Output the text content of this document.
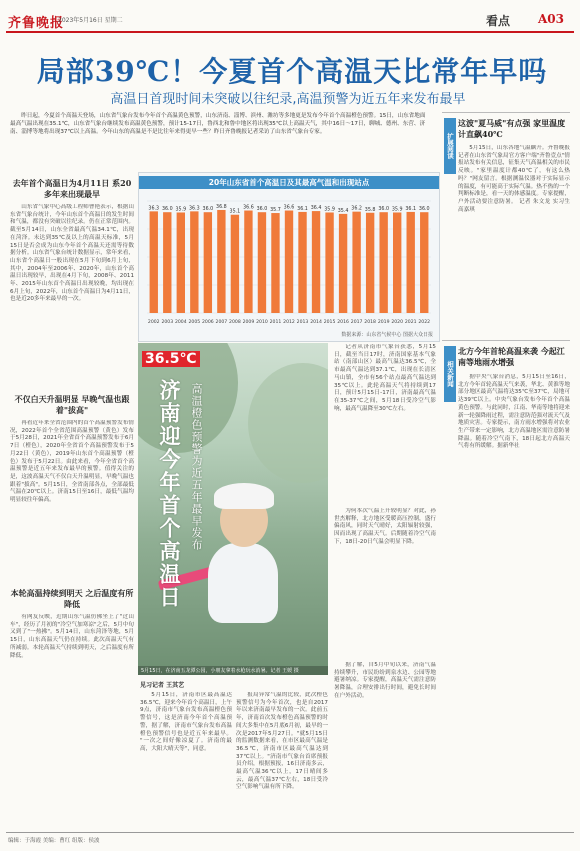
齐鲁晚报
2023年5月16日 星期二	看点 A03
局部39℃！今夏首个高温天比常年早吗
高温日首现时间未突破以往纪录,高温预警为近五年来发布最早
昨日起，今夏首个高温天登场，山东省气象台发布今年首个高温黄色预警，山东济南、淄博、滨州、潍坊等多地更是发布今年首个高温橙色预警。15日，山东省地面最高气温出现在35.1℃，山东省气象台继续发布高温黄色预警，预计15-17日，鲁西北和鲁中地区将出现35℃以上高温天气，其中16日～17日，聊城、德州、东营、济南、淄博等地将出现37℃以上高温。今年山东的高温是不是比往年来得更早一些？昨日齐鲁晚报记者采访了山东省气象台专家。
去年首个高温日为4月11日 系20多年来出现最早
山东省气象中心高级工程师曹艳表示，根据山东省气象台统计，今年山东首个高温日的发生时间和气温，都没有突破以往纪录。仍在正常范围内。截至5月14日，山东全省最高气温34.1℃，出现在菏泽。未达到35℃及以上的高温天标准，5月15日是否会成为山东今年首个高温天还需等待数据分析。山东省气象台统计数据显示，常年来看，山东省个高温日一般出现在5月下旬到6月上旬，其中，2004年至2006年、2020年，山东首个高温日出现较早，出现在4月下旬，2008年、2011年、2015年山东首个高温日出现较晚，均出现在6月上旬，2022年，山东首个高温日为4月11日，也是近20多年来最早的一次。
不仅白天升温明显 早晚气温也跟着"拔高"
再看近年来全省范围内的首个高温预警发布情况，2022年首个全省范围高温预警（黄色）发布于5月28日，2021年全省首个高温预警发布于6月7日（橙色），2020年全省首个高温预警发布于5月22日（黄色），2019年山东首个高温预警（橙色）发布于5月22日。由此来看，今年全省首个高温预警是近五年来发布最早的预警。值得关注的是，这波高温天气不仅白天升温明显，早晚气温也跟着"拔高"。5月15日，全省南部各点，全部最低气温在20℃以上。济南15日至16日，最低气温均明显较往年偏高。
本轮高温持续到明天 之后温度有所降低
有网友反映，近期山东气温仿佛坐上了"过山车"，经历了月初的"冷空气加寒凉"之后，5月中旬又到了"一热拂"。5月14日，山东菏泽等地，5月15日，山东高温天气仍在持续。此次高温天气有所减弱。本轮高温天气持续到明天，之后温度有所降低。
20年山东省首个高温日及其最高气温和出现站点
36.3
2002
36.0
2003
35.9
2004
36.3
2005
36.0
2006
36.8
2007
35.1
2008
36.6
2009
36.0
2010
35.7
2011
36.6
2012
36.1
2013
36.4
2014
35.9
2015
35.4
2016
36.2
2017
35.8
2018
36.0
2019
35.9
2020
36.1
2021
36.0
2022
数据来源：山东省气候中心 图据大众日报
36.5℃
济南迎今年首个高温日 高温橙色预警为近五年最早发布
5月15日，在济南五龙潭公园，小朋友拿着水枪玩水消暑。记者 王媛 摄
见习记者 王其艺
5月15日，济南市区最高温达36.5℃，迎来今年首个高温日，上午9点，济南市气象台发布高温橙色预警信号，这是济南今年首个高温预警，据了解，济南市气象台发布高温橙色预警信号也是近五年来最早。 "一次之间好像凉夏了。济南的最高，大阳大晴天等"，同意。
报局异常气温的比较，此次橙色预警信号为今年首次，也是自2017年以来济南最早发布的一次。此前五年，济南首次发布橙色高温预警的时间大多集中在5月底6月初，最早的一次是2017年5月27日。"就5月15日的监测数据来看，在市区最高气温是36.5℃，济南市区最高气温达到37℃以上。"济南市气象台首席预报员介绍，根据预报，16日济南多云，最高气温36℃以上，17日晴间多云，最高气温37℃左右，18日受冷空气影响气温有所下降。
记者从济南市气象台获悉，5月15日，截至当日17时，济南国家基本气象站（南部山区）最高气温达36.5℃，全市最高气温达到37.1℃，出现在长清区马山镇，全市有56个站点最高气温达到35℃以上。此轮高温天气将持续到17日，预计5月15日-17日，济南最高气温在35-37℃之间，5月18日受冷空气影响，最高气温降至30℃左右。
为何本次气温上升较明显？对此，孙世杰解释，北方地区受暖高压控制，盛行偏南风，同时天气晴好，太阳辐射较强，因而出现了高温天气。后期随着冷空气南下，18日-20日气温会明显下降。
据了解，自5月中旬以来，济南气温持续攀升，市民纷纷到泉水边、公园等地避暑纳凉。专家提醒，高温天气需注意防暑降温，合理安排出行时间，避免长时间在户外活动。
扩展阅读
这波"夏马威"有点强 家里温度计直飙40℃
5月15日，山东各地气温飙升。齐鲁晚报记者在山东省气象局官方客户端"齐鲁壹点"情报站发布有关信息，征集天气高温相关的市民反映。"家里温度计都40℃了，有这么热吗？"网友留言。根据测温仪器对于实际显示的温度，有可能高于实际气温。热不热的一个判断标准是，看一天的体感温度。专家提醒，户外活动要注意防暑。 记者 朱文龙 实习生 高嘉琪
相关新闻
北方今年首轮高温来袭 今起江南等地雨水增强
据中央气象台消息，5月15日至16日，北方今年首轮高温天气来袭，华北、黄淮等地部分地区最高气温将达35℃至37℃，局地可达39℃以上。中央气象台发布今年首个高温黄色预警。与此同时，江南、华南等地将迎来新一轮强降雨过程，需注意防范强对流天气及地质灾害。专家提示，南方雨水增强将对农业生产带来一定影响，北方高温地区需注意防暑降温。随着冷空气南下，18日起北方高温天气将有所缓解。据新华社
编辑：于海霞 美编：曹红 组版：侯波
